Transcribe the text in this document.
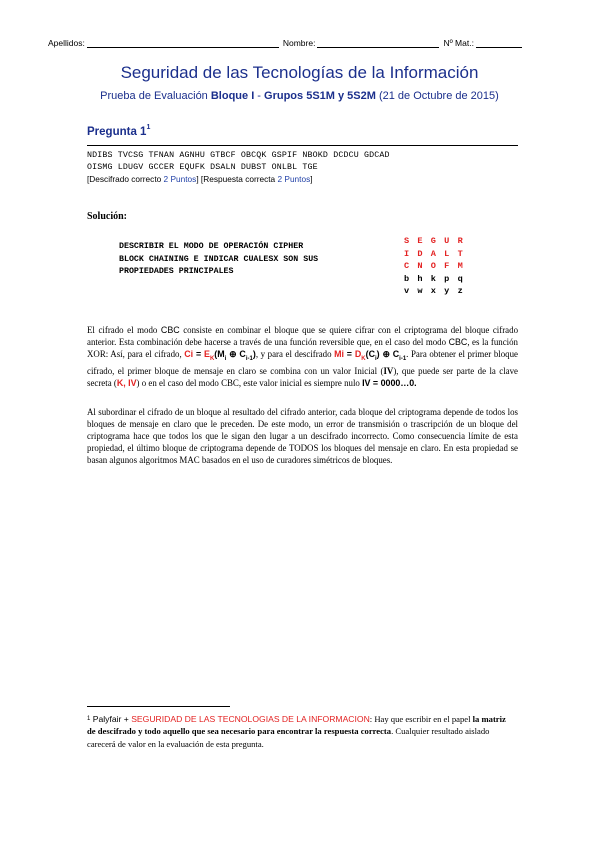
Apellidos:	Nombre:	Nº Mat.:
Seguridad de las Tecnologías de la Información
Prueba de Evaluación Bloque I - Grupos 5S1M y 5S2M (21 de Octubre de 2015)
Pregunta $1^1$
NDIBS TVCSG TFNAN AGNHU GTBCF OBCQK GSPIF NBOKD DCDCU GDCAD
OISMG LDUGV GCCER EQUFK DSALN DUBST ONLBL TGE
[Descifrado correcto 2 Puntos] [Respuesta correcta 2 Puntos]
Solución:
DESCRIBIR EL MODO DE OPERACIÓN CIPHER
BLOCK CHAINING E INDICAR CUALESX SON SUS
PROPIEDADES PRINCIPALES
S E G U R
I D A L T
C N O F M
b h k p q
v w x y z
El cifrado el modo CBC consiste en combinar el bloque que se quiere cifrar con el criptograma del bloque cifrado anterior. Esta combinación debe hacerse a través de una función reversible que, en el caso del modo CBC, es la función XOR: Así, para el cifrado, $Ci = E_K(M_i$ ⊕ $C_{i-1}$), y para el descifrado $Mi = D_K(C_i)$ ⊕ $C_{i-1}$. Para obtener el primer bloque cifrado, el primer bloque de mensaje en claro se combina con un valor Inicial (IV), que puede ser parte de la clave secreta (K, IV) o en el caso del modo CBC, este valor inicial es siempre nulo IV = 0000…0.
Al subordinar el cifrado de un bloque al resultado del cifrado anterior, cada bloque del criptograma depende de todos los bloques de mensaje en claro que le preceden. De este modo, un error de transmisión o trascripción de un bloque del criptograma hace que todos los que le sigan den lugar a un descifrado incorrecto. Como consecuencia límite de esta propiedad, el último bloque de criptograma depende de TODOS los bloques del mensaje en claro. En esta propiedad se basan algunos algoritmos MAC basados en el uso de curadores simétricos de bloques.
$^1$ Palyfair + SEGURIDAD DE LAS TECNOLOGIAS DE LA INFORMACION: Hay que escribir en el papel la matriz de descifrado y todo aquello que sea necesario para encontrar la respuesta correcta. Cualquier resultado aislado carecerá de valor en la evaluación de esta pregunta.
